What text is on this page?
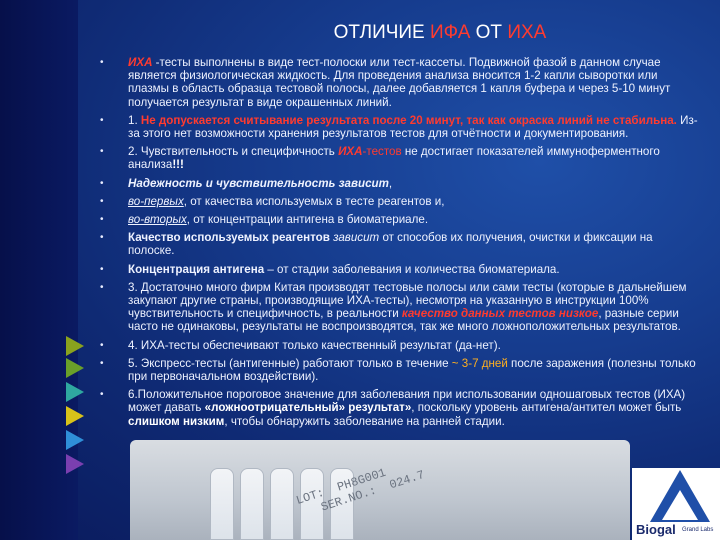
LOT:  PH8G001
SER.NO.:  024.7
Biogal Grand Labs
ОТЛИЧИЕ ИФА ОТ ИХА
• ИХА -тесты выполнены в виде тест-полоски или тест-кассеты. Подвижной фазой в данном случае является физиологическая жидкость. Для проведения анализа вносится 1-2 капли сыворотки или плазмы в область образца тестовой полосы, далее добавляется 1 капля буфера и через 5-10 минут получается результат в виде окрашенных линий.
• 1. Не допускается считывание результата после 20 минут, так как окраска линий не стабильна. Из-за этого нет возможности хранения результатов тестов для отчётности и документирования.
• 2. Чувствительность и специфичность ИХА-тестов не достигает показателей иммуноферментного анализа!!!
• Надежность и чувствительность зависит,
• во-первых, от качества используемых в тесте реагентов и,
• во-вторых, от концентрации антигена в биоматериале.
• Качество используемых реагентов зависит от способов их получения, очистки и фиксации на полоске.
• Концентрация антигена – от стадии заболевания и количества биоматериала.
• 3. Достаточно много фирм Китая производят тестовые полосы или сами тесты (которые в дальнейшем закупают другие страны, производящие ИХА-тесты), несмотря на указанную в инструкции 100% чувствительность и специфичность, в реальности качество данных тестов низкое, разные серии часто не одинаковы, результаты не воспроизводятся, так же много ложноположительных результатов.
• 4. ИХА-тесты обеспечивают только качественный результат (да-нет).
• 5. Экспресс-тесты (антигенные) работают только в течение ~ 3-7 дней после заражения (полезны только при первоначальном воздействии).
• 6.Положительное пороговое значение для заболевания при использовании одношаговых тестов (ИХА) может давать «ложноотрицательный» результат», поскольку уровень антигена/антител может быть слишком низким, чтобы обнаружить заболевание на ранней стадии.
